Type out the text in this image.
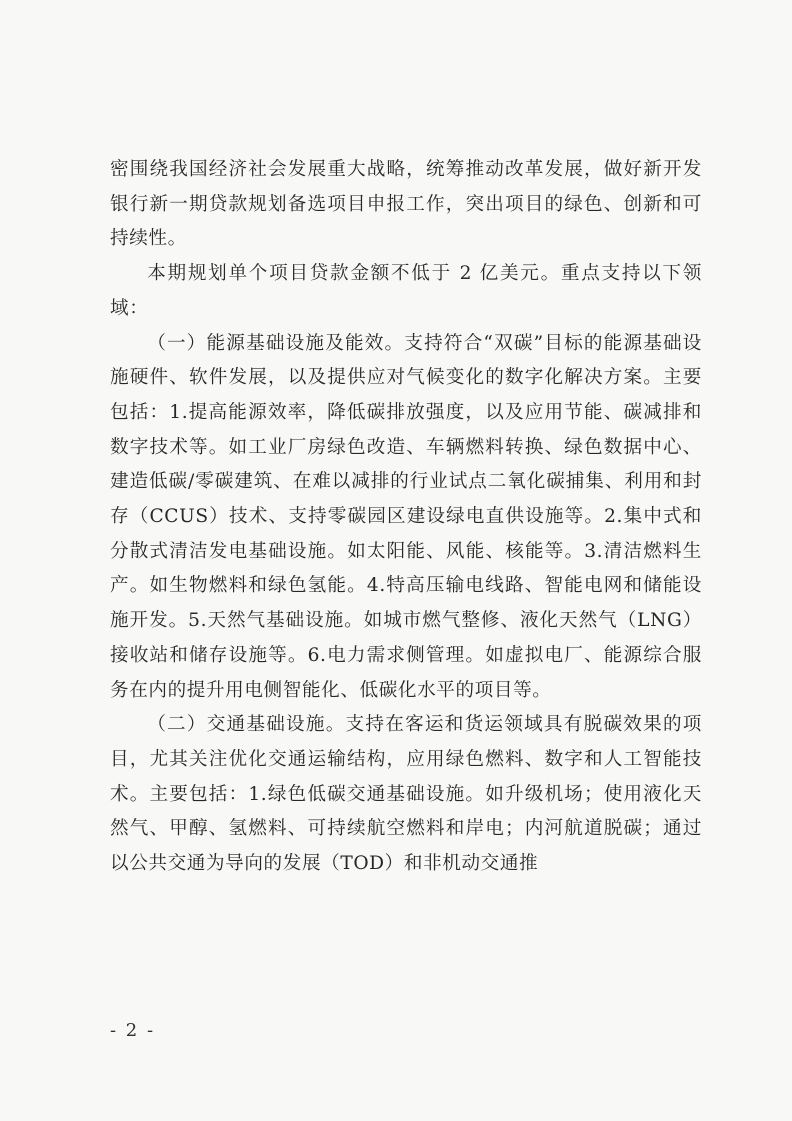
密围绕我国经济社会发展重大战略，统筹推动改革发展，做好新开发银行新一期贷款规划备选项目申报工作，突出项目的绿色、创新和可持续性。

本期规划单个项目贷款金额不低于 2 亿美元。重点支持以下领域：

（一）能源基础设施及能效。支持符合“双碳”目标的能源基础设施硬件、软件发展，以及提供应对气候变化的数字化解决方案。主要包括：1.提高能源效率，降低碳排放强度，以及应用节能、碳减排和数字技术等。如工业厂房绿色改造、车辆燃料转换、绿色数据中心、建造低碳/零碳建筑、在难以减排的行业试点二氧化碳捕集、利用和封存（CCUS）技术、支持零碳园区建设绿电直供设施等。2.集中式和分散式清洁发电基础设施。如太阳能、风能、核能等。3.清洁燃料生产。如生物燃料和绿色氢能。4.特高压输电线路、智能电网和储能设施开发。5.天然气基础设施。如城市燃气整修、液化天然气（LNG）接收站和储存设施等。6.电力需求侧管理。如虚拟电厂、能源综合服务在内的提升用电侧智能化、低碳化水平的项目等。

（二）交通基础设施。支持在客运和货运领域具有脱碳效果的项目，尤其关注优化交通运输结构，应用绿色燃料、数字和人工智能技术。主要包括：1.绿色低碳交通基础设施。如升级机场；使用液化天然气、甲醇、氢燃料、可持续航空燃料和岸电；内河航道脱碳；通过以公共交通为导向的发展（TOD）和非机动交通推

- 2 -
